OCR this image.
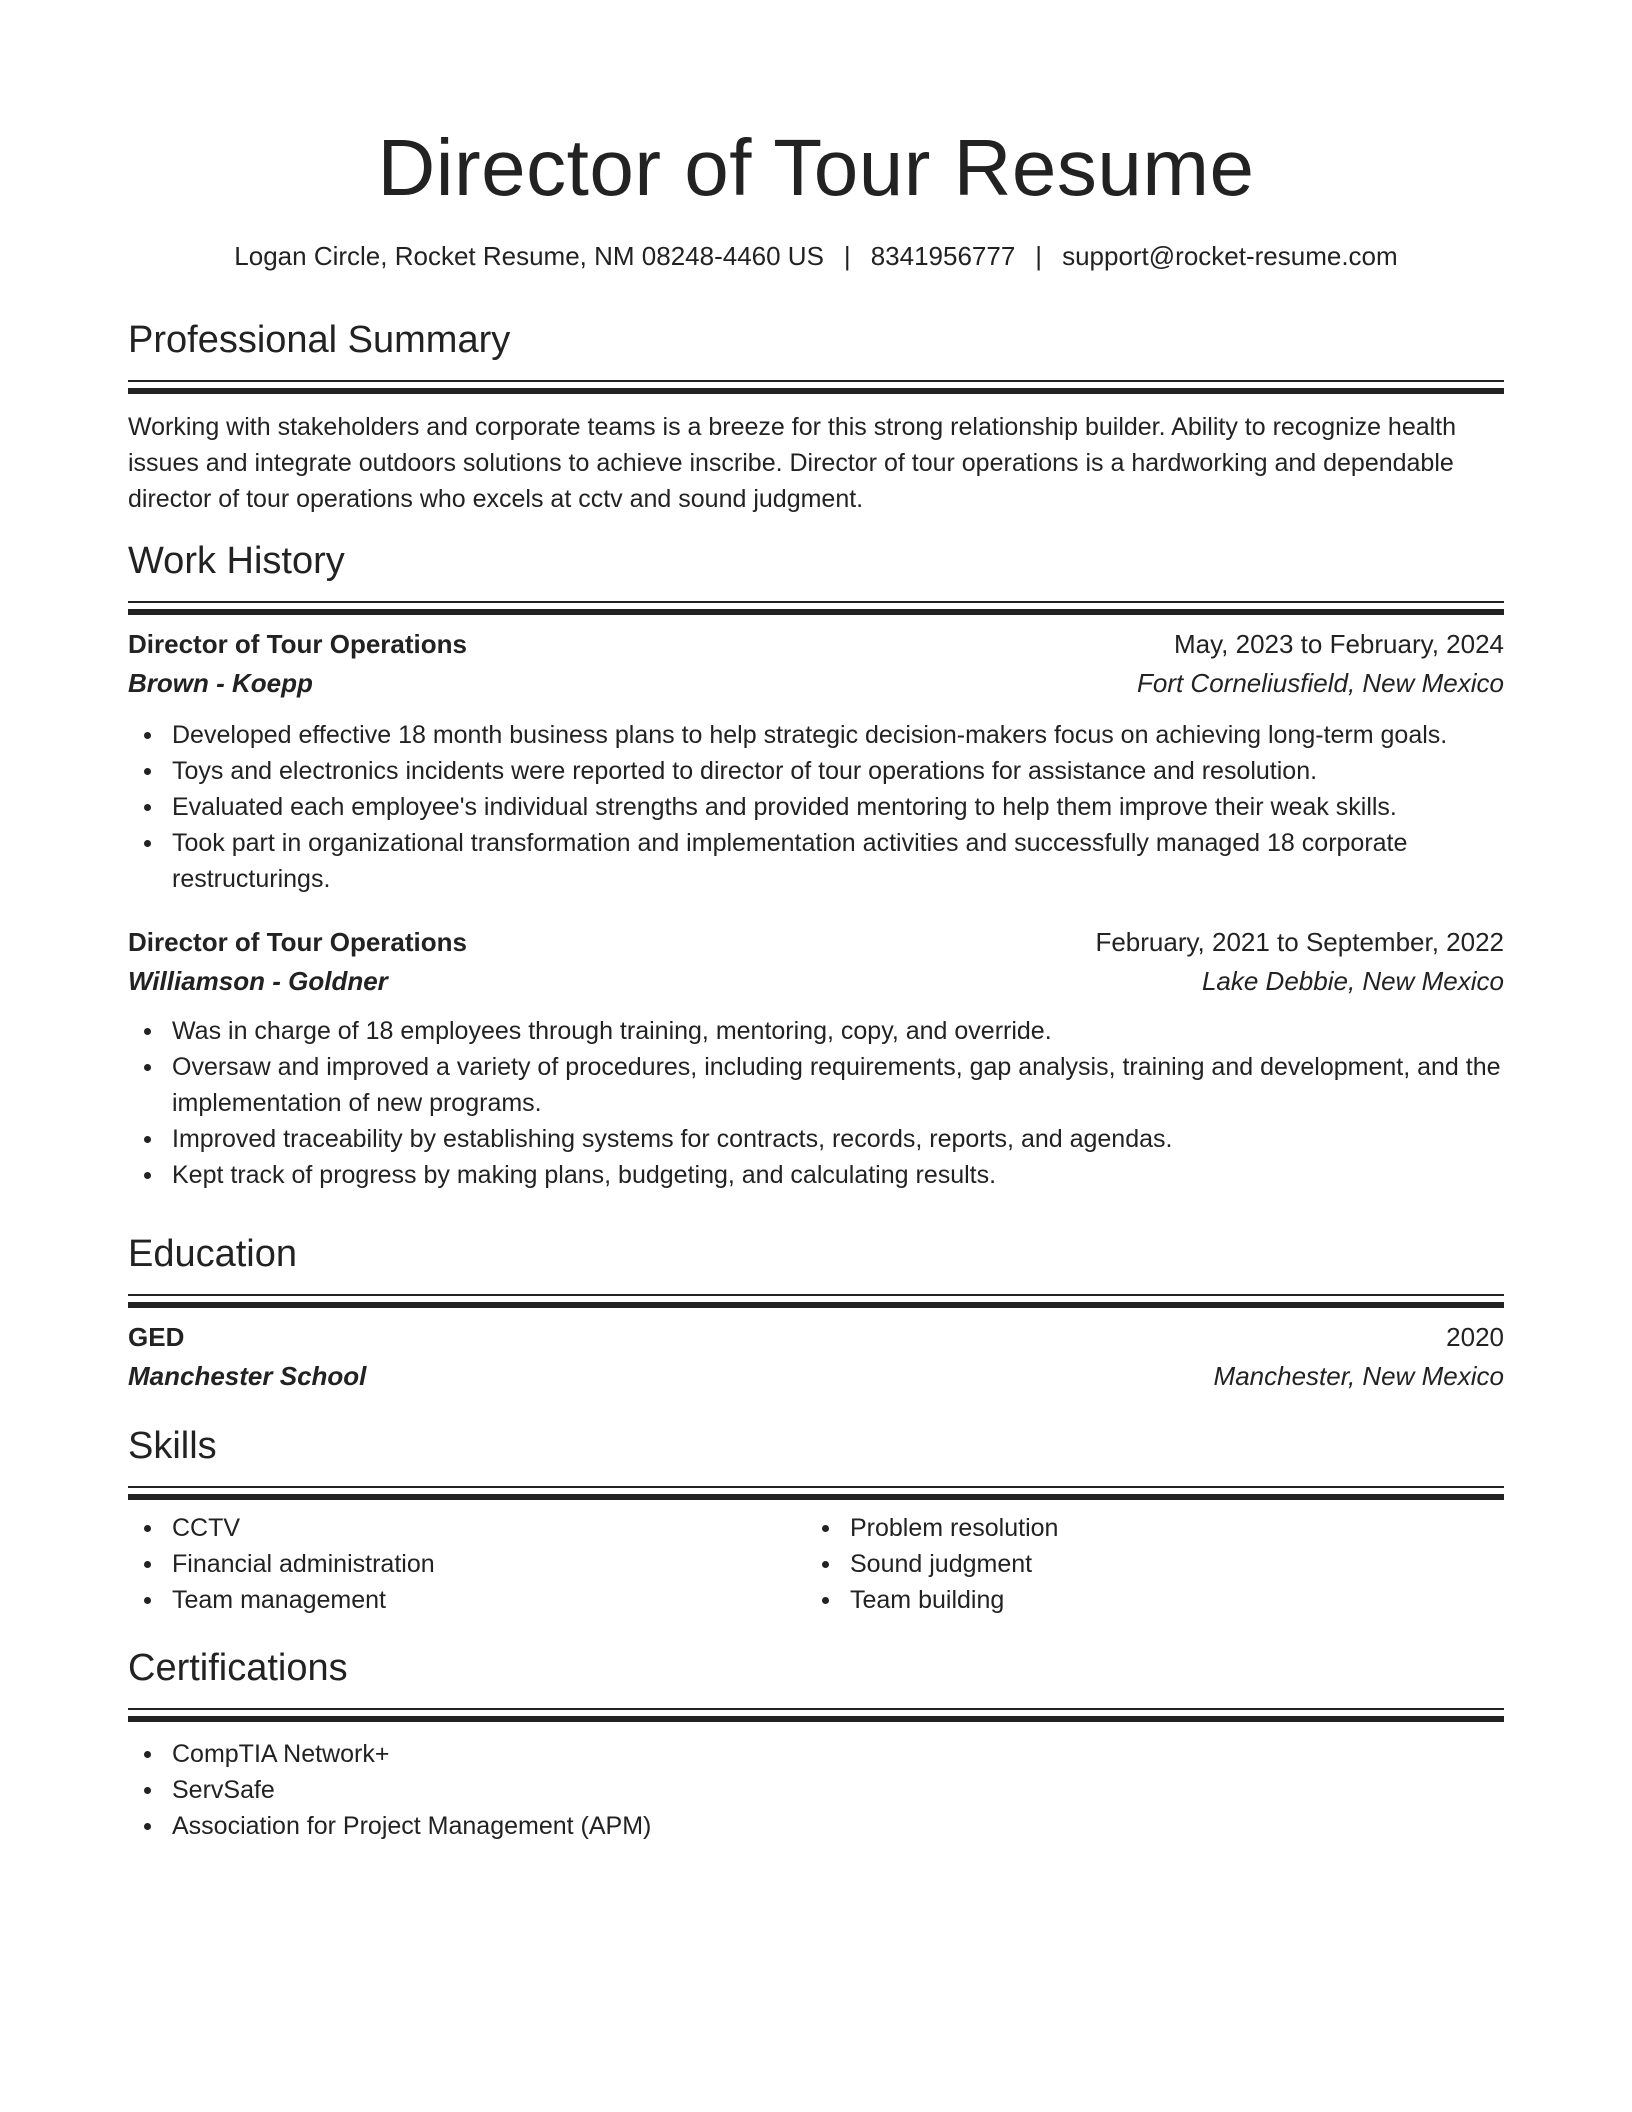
Director of Tour Resume
Logan Circle, Rocket Resume, NM 08248-4460 US | 8341956777 | support@rocket-resume.com
Professional Summary

Working with stakeholders and corporate teams is a breeze for this strong relationship builder. Ability to recognize health issues and integrate outdoors solutions to achieve inscribe. Director of tour operations is a hardworking and dependable director of tour operations who excels at cctv and sound judgment.

Work History
Director of Tour Operations	May, 2023 to February, 2024
Brown - Koepp	Fort Corneliusfield, New Mexico
Developed effective 18 month business plans to help strategic decision-makers focus on achieving long-term goals.
Toys and electronics incidents were reported to director of tour operations for assistance and resolution.
Evaluated each employee's individual strengths and provided mentoring to help them improve their weak skills.
Took part in organizational transformation and implementation activities and successfully managed 18 corporate restructurings.
Director of Tour Operations	February, 2021 to September, 2022
Williamson - Goldner	Lake Debbie, New Mexico
Was in charge of 18 employees through training, mentoring, copy, and override.
Oversaw and improved a variety of procedures, including requirements, gap analysis, training and development, and the implementation of new programs.
Improved traceability by establishing systems for contracts, records, reports, and agendas.
Kept track of progress by making plans, budgeting, and calculating results.
Education
GED	2020
Manchester School	Manchester, New Mexico
Skills
CCTV
Financial administration
Team management
Problem resolution
Sound judgment
Team building
Certifications
CompTIA Network+
ServSafe
Association for Project Management (APM)
